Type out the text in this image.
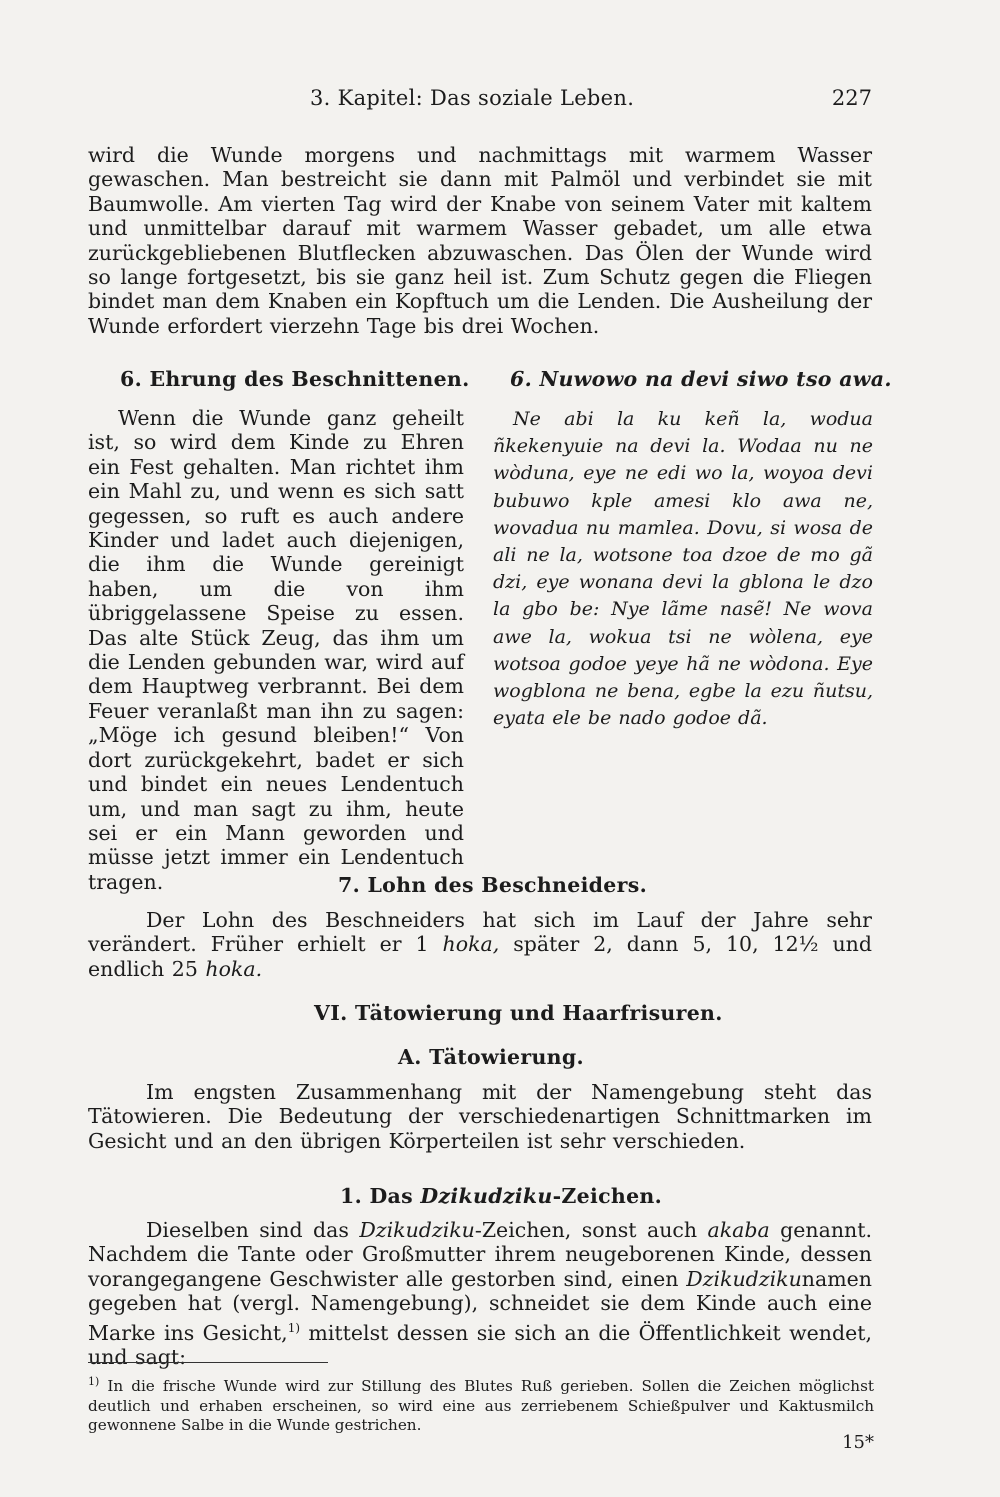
3. Kapitel: Das soziale Leben.	227

wird die Wunde morgens und nachmittags mit warmem Wasser gewaschen. Man bestreicht sie dann mit Palmöl und verbindet sie mit Baumwolle. Am vierten Tag wird der Knabe von seinem Vater mit kaltem und unmittelbar darauf mit warmem Wasser gebadet, um alle etwa zurückgebliebenen Blutflecken abzuwaschen. Das Ölen der Wunde wird so lange fortgesetzt, bis sie ganz heil ist. Zum Schutz gegen die Fliegen bindet man dem Knaben ein Kopftuch um die Lenden. Die Ausheilung der Wunde erfordert vierzehn Tage bis drei Wochen.

6. Ehrung des Beschnittenen. 6. Nuwowo na devi siwo tso awa.

Wenn die Wunde ganz geheilt ist, so wird dem Kinde zu Ehren ein Fest gehalten. Man richtet ihm ein Mahl zu, und wenn es sich satt gegessen, so ruft es auch andere Kinder und ladet auch diejenigen, die ihm die Wunde gereinigt haben, um die von ihm übriggelassene Speise zu essen. Das alte Stück Zeug, das ihm um die Lenden gebunden war, wird auf dem Hauptweg verbrannt. Bei dem Feuer veranlaßt man ihn zu sagen: „Möge ich gesund bleiben!“ Von dort zurückgekehrt, badet er sich und bindet ein neues Lendentuch um, und man sagt zu ihm, heute sei er ein Mann geworden und müsse jetzt immer ein Lendentuch tragen.

Ne abi la ku keñ la, wodua ñkekenyuie na devi la. Wodaa nu ne wòduna, eye ne edi wo la, woyoa devi bubuwo kple amesi klo awa ne, wovadua nu mamlea. Dovu, si wosa de ali ne la, wotsone toa dzoe de mo gã dzi, eye wonana devi la gblona le dzo la gbo be: Nye lãme nasẽ! Ne wova awe la, wokua tsi ne wòlena, eye wotsoa godoe yeye hã ne wòdona. Eye wogblona ne bena, egbe la ezu ñutsu, eyata ele be nado godoe dã.

7. Lohn des Beschneiders.

Der Lohn des Beschneiders hat sich im Lauf der Jahre sehr verändert. Früher erhielt er 1 hoka, später 2, dann 5, 10, 12½ und endlich 25 hoka.

VI. Tätowierung und Haarfrisuren.
A. Tätowierung.

Im engsten Zusammenhang mit der Namengebung steht das Tätowieren. Die Bedeutung der verschiedenartigen Schnittmarken im Gesicht und an den übrigen Körperteilen ist sehr verschieden.

1. Das Dzikudziku-Zeichen.

Dieselben sind das Dzikudziku-Zeichen, sonst auch akaba genannt. Nachdem die Tante oder Großmutter ihrem neugeborenen Kinde, dessen vorangegangene Geschwister alle gestorben sind, einen Dzikudzikunamen gegeben hat (vergl. Namengebung), schneidet sie dem Kinde auch eine Marke ins Gesicht,$^{1)}$ mittelst dessen sie sich an die Öffentlichkeit wendet, und sagt:

$^{1)}$ In die frische Wunde wird zur Stillung des Blutes Ruß gerieben. Sollen die Zeichen möglichst deutlich und erhaben erscheinen, so wird eine aus zerriebenem Schießpulver und Kaktusmilch gewonnene Salbe in die Wunde gestrichen.

15*
